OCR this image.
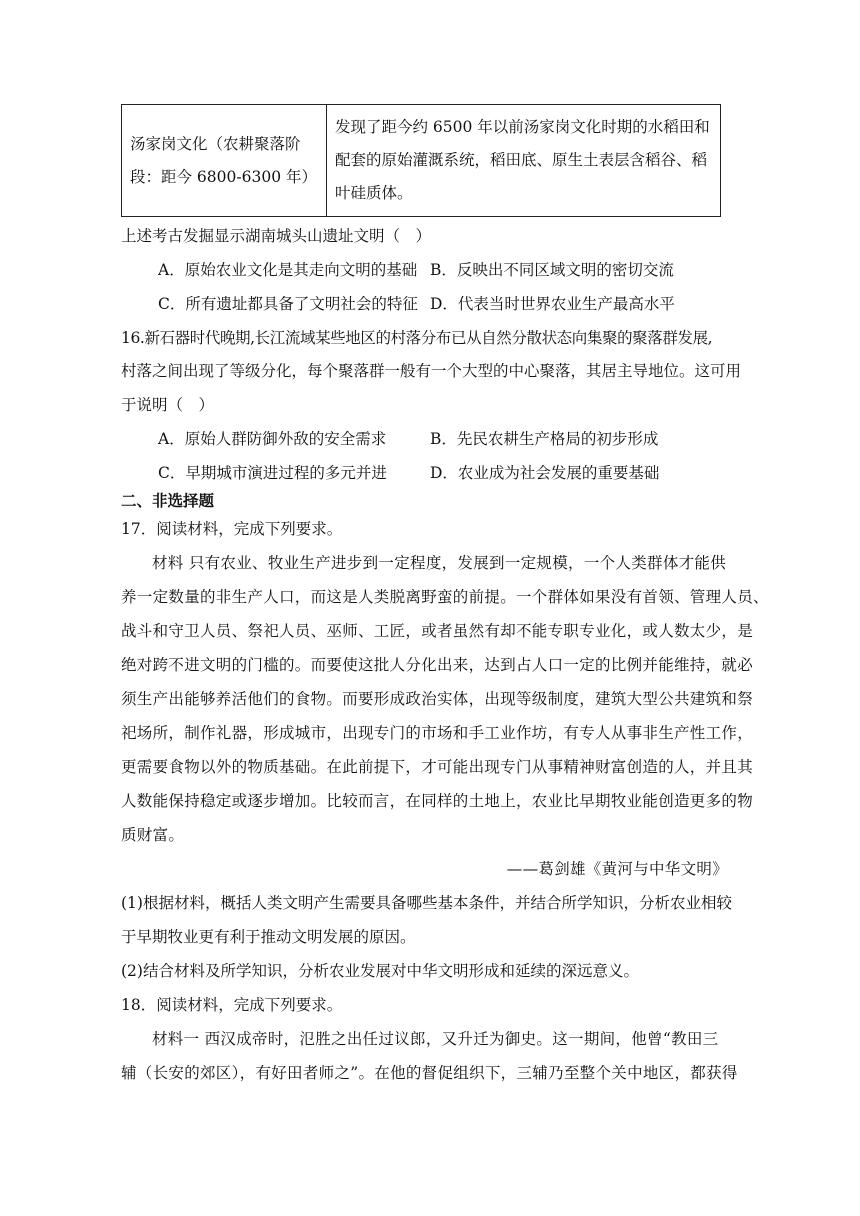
汤家岗文化（农耕聚落阶段：距今 6800-6300 年）	发现了距今约 6500 年以前汤家岗文化时期的水稻田和配套的原始灌溉系统，稻田底、原生土表层含稻谷、稻叶硅质体。
上述考古发掘显示湖南城头山遗址文明（　）
A．原始农业文化是其走向文明的基础 B．反映出不同区域文明的密切交流
C．所有遗址都具备了文明社会的特征 D．代表当时世界农业生产最高水平
16.新石器时代晚期,长江流域某些地区的村落分布已从自然分散状态向集聚的聚落群发展,
村落之间出现了等级分化，每个聚落群一般有一个大型的中心聚落，其居主导地位。这可用
于说明（　）
A．原始人群防御外敌的安全需求	B．先民农耕生产格局的初步形成
C．早期城市演进过程的多元并进	D．农业成为社会发展的重要基础
二、非选择题
17．阅读材料，完成下列要求。
材料 只有农业、牧业生产进步到一定程度，发展到一定规模，一个人类群体才能供
养一定数量的非生产人口，而这是人类脱离野蛮的前提。一个群体如果没有首领、管理人员、
战斗和守卫人员、祭祀人员、巫师、工匠，或者虽然有却不能专职专业化，或人数太少，是
绝对跨不进文明的门槛的。而要使这批人分化出来，达到占人口一定的比例并能维持，就必
须生产出能够养活他们的食物。而要形成政治实体，出现等级制度，建筑大型公共建筑和祭
祀场所，制作礼器，形成城市，出现专门的市场和手工业作坊，有专人从事非生产性工作，
更需要食物以外的物质基础。在此前提下，才可能出现专门从事精神财富创造的人，并且其
人数能保持稳定或逐步增加。比较而言，在同样的土地上，农业比早期牧业能创造更多的物
质财富。
——葛剑雄《黄河与中华文明》
(1)根据材料，概括人类文明产生需要具备哪些基本条件，并结合所学知识，分析农业相较
于早期牧业更有利于推动文明发展的原因。
(2)结合材料及所学知识，分析农业发展对中华文明形成和延续的深远意义。
18．阅读材料，完成下列要求。
材料一 西汉成帝时，氾胜之出任过议郎，又升迁为御史。这一期间，他曾“教田三
辅（长安的郊区），有好田者师之”。在他的督促组织下，三辅乃至整个关中地区，都获得
